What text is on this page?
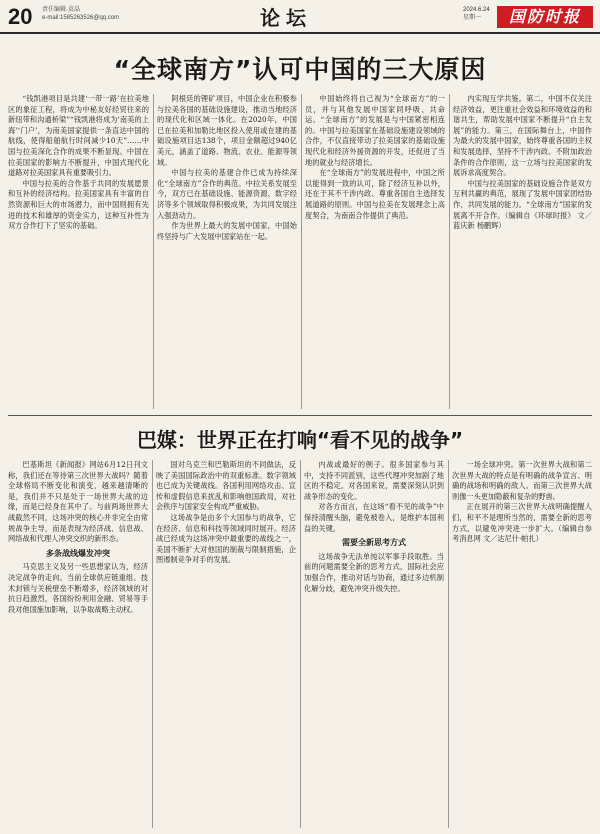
20 责任编辑·袁晶
e-mail:1585263526@qq.com	论坛	2024.6.24
星期一	国防时报
“全球南方”认可中国的三大原因

“钱凯港项目是共建‘一带一路’在拉美地区的象征工程，将成为中秘友好经贸往来的新纽带和沟通桥梁”“钱凯港将成为‘南美的上海’‘门户’，为南美国家提供一条直达中国的航线，使得船舶航行时间减少10天”……中国与拉美深化合作的成果不断显现。中国在拉美国家的影响力不断提升，中国式现代化道路对拉美国家具有重要吸引力。

中国与拉美的合作基于共同的发展愿景和互补的经济结构。拉美国家具有丰富的自然资源和巨大的市场潜力，而中国则拥有先进的技术和雄厚的资金实力，这种互补性为双方合作打下了坚实的基础。

阿根廷的锂矿项目，中国企业在积极参与拉美各国的基础设施建设，推动当地经济的现代化和区域一体化。在2020年，中国已在拉美和加勒比地区投入使用或在建的基础设施项目达138个，项目金额超过940亿美元，涵盖了道路、物流、农业、能源等领域。

中国与拉美的基建合作已成为持续深化“全球南方”合作的典范。中拉关系发展至今，双方已在基础设施、能源资源、数字经济等多个领域取得积极成果，为共同发展注入强劲动力。

作为世界上最大的发展中国家，中国始终坚持与广大发展中国家站在一起。

中国始终将自己视为“全球南方”的一员，并与其他发展中国家同呼吸、共命运。“全球南方”的发展是与中国紧密相连的。中国与拉美国家在基础设施建设领域的合作，不仅直接带动了拉美国家的基础设施现代化和经济外援资源的开发，还促进了当地的就业与经济增长。

在“全球南方”的发展进程中，中国之所以能得到一致的认可，除了经济互补以外，还在于其不干涉内政、尊重各国自主选择发展道路的原则。中国与拉美在发展理念上高度契合，为南南合作提供了典范。

内实现互学共鉴。第二，中国不仅关注经济效益，更注重社会效益和环境效益的和谐共生，帮助发展中国家不断提升“自主发展”的能力。第三，在国际舞台上，中国作为最大的发展中国家，始终尊重各国的主权和发展选择，坚持不干涉内政、不附加政治条件的合作原则，这一立场与拉美国家的发展诉求高度契合。

中国与拉美国家的基础设施合作是双方互利共赢的典范，展现了发展中国家团结协作、共同发展的能力。“全球南方”国家的发展离不开合作。（编辑自《环球时报》 文／蓝庆新 杨鹏辉）

巴媒：世界正在打响“看不见的战争”

巴基斯坦《新闻报》网站6月12日刊文称，我们还在等待第三次世界大战吗？随着全球格局不断变化和演变，越来越清晰的是，我们并不只是处于一场世界大战的边缘，而是已经身在其中了。与前两场世界大战截然不同，这场冲突的核心并非完全由常规战争主导，而是表现为经济战、信息战、网络战和代理人冲突交织的新形态。

多条战线爆发冲突

马克思主义及另一些思想家认为，经济决定战争的走向。当前全球供应链重组、技术封锁与关税壁垒不断增多，经济领域的对抗日趋激烈，各国纷纷利用金融、贸易等手段对他国施加影响，以争取战略主动权。

国对乌克兰和巴勒斯坦的不同做法，反映了美国国际政治中的双重标准。数字领域也已成为关键战线。各国利用网络攻击、宣传和虚假信息来扰乱和影响他国政局，对社会秩序与国家安全构成严重威胁。

这场战争是由多个大国参与的战争，它在经济、信息和科技等领域同时展开。经济战已经成为这场冲突中最重要的战线之一，美国不断扩大对他国的制裁与限制措施，企图遏制竞争对手的发展。

内战或最好的例子。很多国家参与其中，支持不同派别，这些代理冲突加剧了地区的不稳定。对各国来说，需要深刻认识到战争形态的变化。

对各方而言，在这场“看不见的战争”中保持清醒头脑，避免被卷入，是维护本国利益的关键。

需要全新思考方式

这场战争无法单纯以军事手段取胜。当前的问题需要全新的思考方式，国际社会应加强合作，推动对话与协商，通过多边机制化解分歧，避免冲突升级失控。

一场全球冲突。第一次世界大战和第二次世界大战的特点是有明确的战争宣言、明确的战场和明确的敌人。而第三次世界大战则像一头更加隐蔽和复杂的野兽。

正在展开的第三次世界大战明确提醒人们，和平不是理所当然的，需要全新的思考方式，以避免冲突进一步扩大。（编辑自参考消息网 文／达尼什·帕扎）
